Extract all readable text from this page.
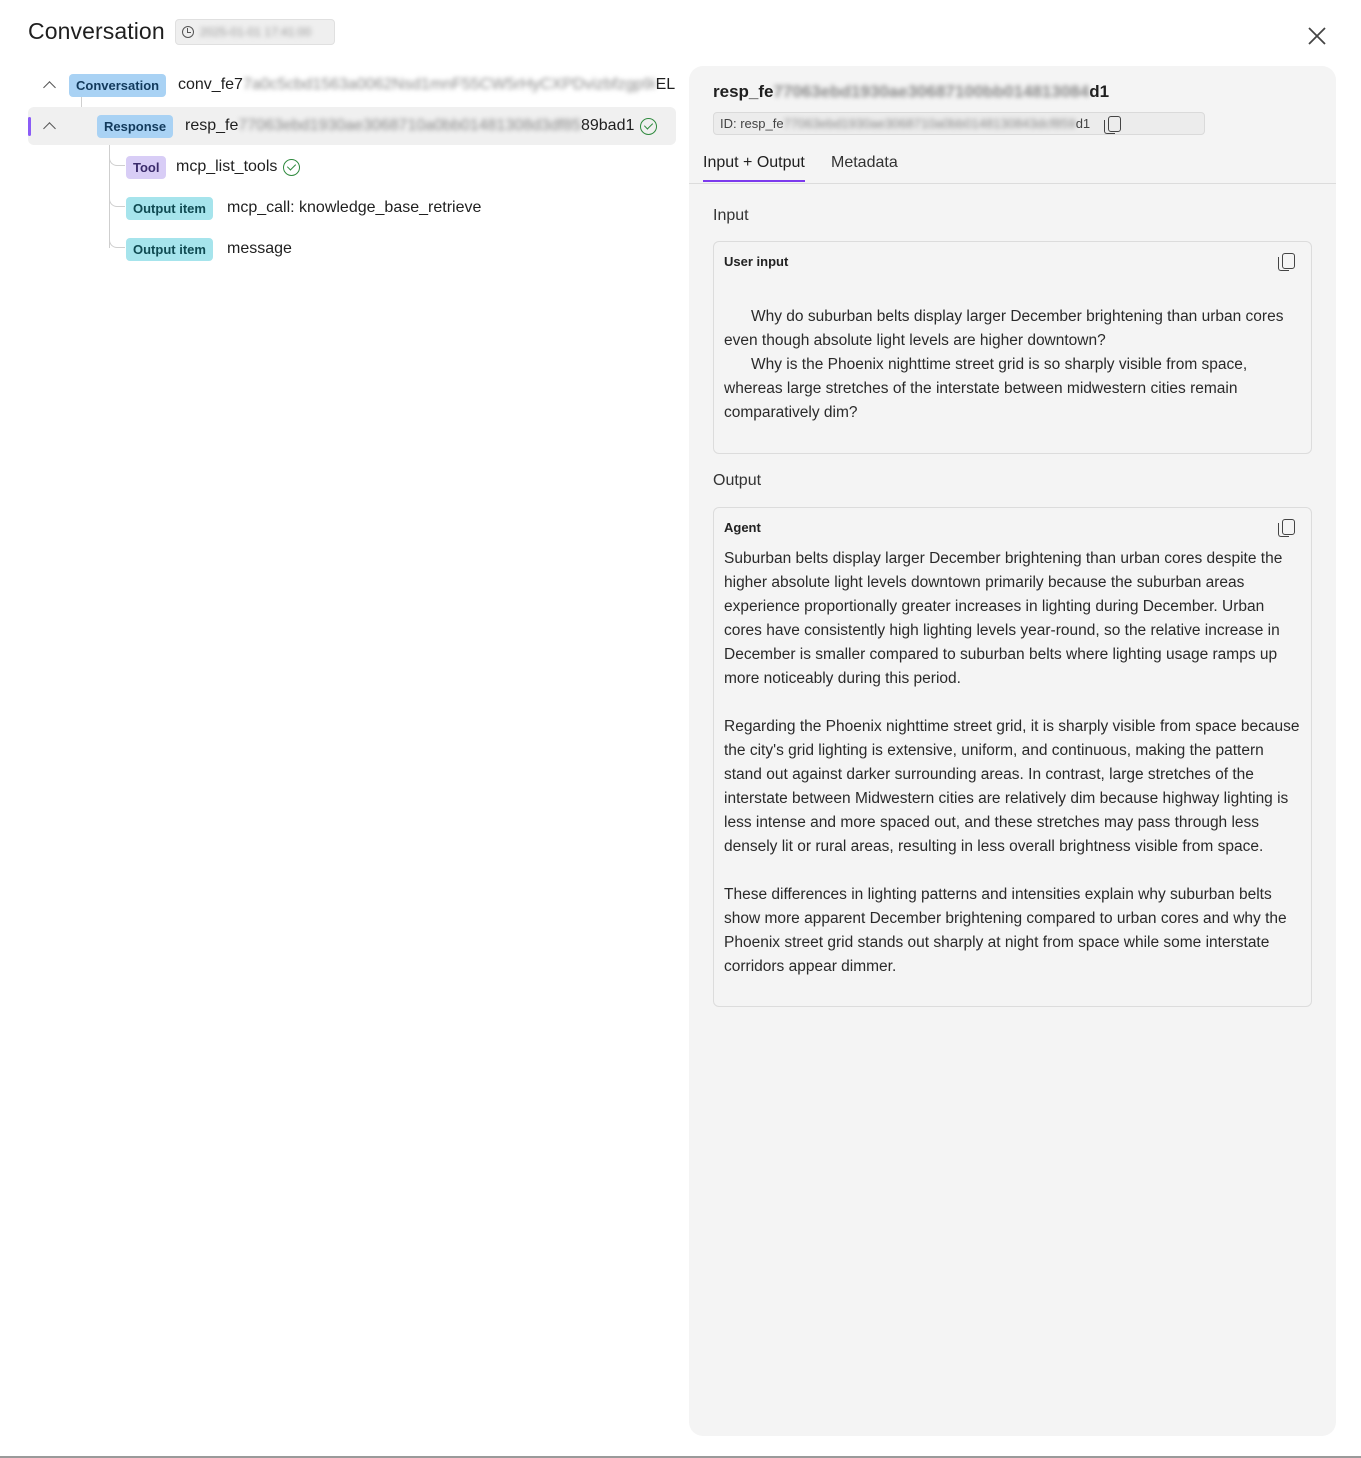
Conversation	2025-01-01 17:41:00
Conversation	conv_fe7 7a0c5cbd1563a0062Nsd1mnF55CW5rHyCXPDvizbfzgp9i EL
Response	resp_fe 77063ebd1930ae3068710a0bb01481308d3df85 89bad1
Tool	mcp_list_tools
Output item	mcp_call: knowledge_base_retrieve
Output item	message
resp_fe 77063ebd1930ae30687100bb014813084 d1
ID: resp_fe 77063ebd1930ae3068710a0bb0148130843dcf859 d1
Input + Output Metadata
Input
User input
Why do suburban belts display larger December brightening than urban cores even though absolute light levels are higher downtown?
Why is the Phoenix nighttime street grid is so sharply visible from space, whereas large stretches of the interstate between midwestern cities remain comparatively dim?
Output
Agent

Suburban belts display larger December brightening than urban cores despite the higher absolute light levels downtown primarily because the suburban areas experience proportionally greater increases in lighting during December. Urban cores have consistently high lighting levels year-round, so the relative increase in December is smaller compared to suburban belts where lighting usage ramps up more noticeably during this period.

Regarding the Phoenix nighttime street grid, it is sharply visible from space because the city's grid lighting is extensive, uniform, and continuous, making the pattern stand out against darker surrounding areas. In contrast, large stretches of the interstate between Midwestern cities are relatively dim because highway lighting is less intense and more spaced out, and these stretches may pass through less densely lit or rural areas, resulting in less overall brightness visible from space.

These differences in lighting patterns and intensities explain why suburban belts show more apparent December brightening compared to urban cores and why the Phoenix street grid stands out sharply at night from space while some interstate corridors appear dimmer.
